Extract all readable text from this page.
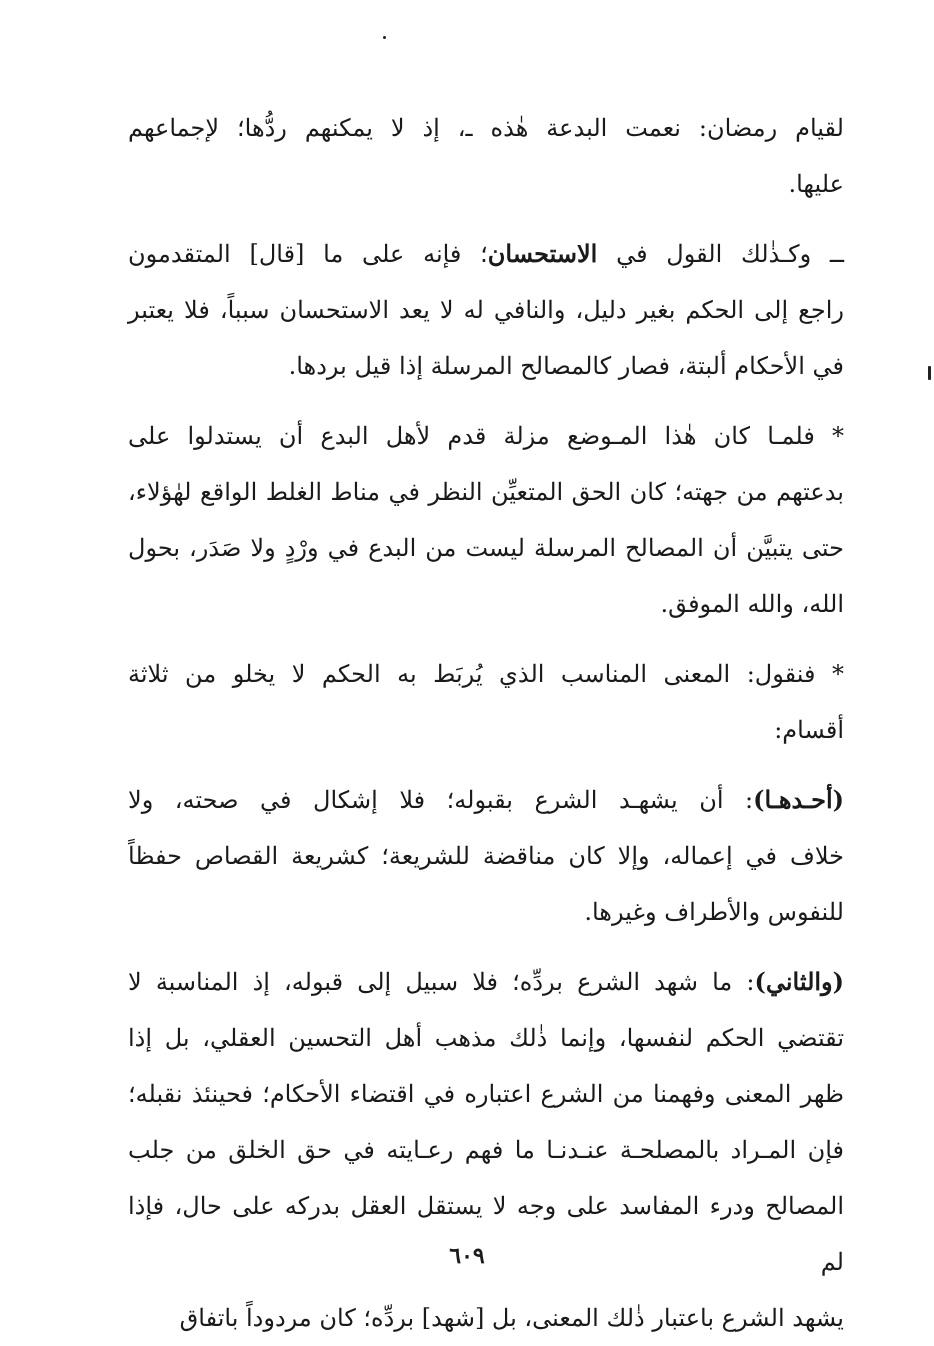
لقيام رمضان: نعمت البدعة هٰذه ـ، إذ لا يمكنهم ردُّها؛ لإجماعهم
عليها.
ــ وكـذٰلك القول في الاستحسان؛ فإنه على ما [قال] المتقدمون
راجع إلى الحكم بغير دليل، والنافي له لا يعد الاستحسان سبباً، فلا يعتبر
في الأحكام ألبتة، فصار كالمصالح المرسلة إذا قيل بردها.
* فلمـا كان هٰذا المـوضع مزلة قدم لأهل البدع أن يستدلوا على
بدعتهم من جهته؛ كان الحق المتعيِّن النظر في مناط الغلط الواقع لهٰؤلاء،
حتى يتبيَّن أن المصالح المرسلة ليست من البدع في ورْدٍ ولا صَدَر، بحول
الله، والله الموفق.
* فنقول: المعنى المناسب الذي يُربَط به الحكم لا يخلو من ثلاثة
أقسام:
(أحـدهـا): أن يشهـد الشرع بقبوله؛ فلا إشكال في صحته، ولا
خلاف في إعماله، وإلا كان مناقضة للشريعة؛ كشريعة القصاص حفظاً
للنفوس والأطراف وغيرها.
(والثاني): ما شهد الشرع بردِّه؛ فلا سبيل إلى قبوله، إذ المناسبة لا
تقتضي الحكم لنفسها، وإنما ذٰلك مذهب أهل التحسين العقلي، بل إذا
ظهر المعنى وفهمنا من الشرع اعتباره في اقتضاء الأحكام؛ فحينئذ نقبله؛
فإن المـراد بالمصلحـة عنـدنـا ما فهم رعـايته في حق الخلق من جلب
المصالح ودرء المفاسد على وجه لا يستقل العقل بدركه على حال، فإذا لم
يشهد الشرع باعتبار ذٰلك المعنى، بل [شهد] بردِّه؛ كان مردوداً باتفاق
٦٠٩
